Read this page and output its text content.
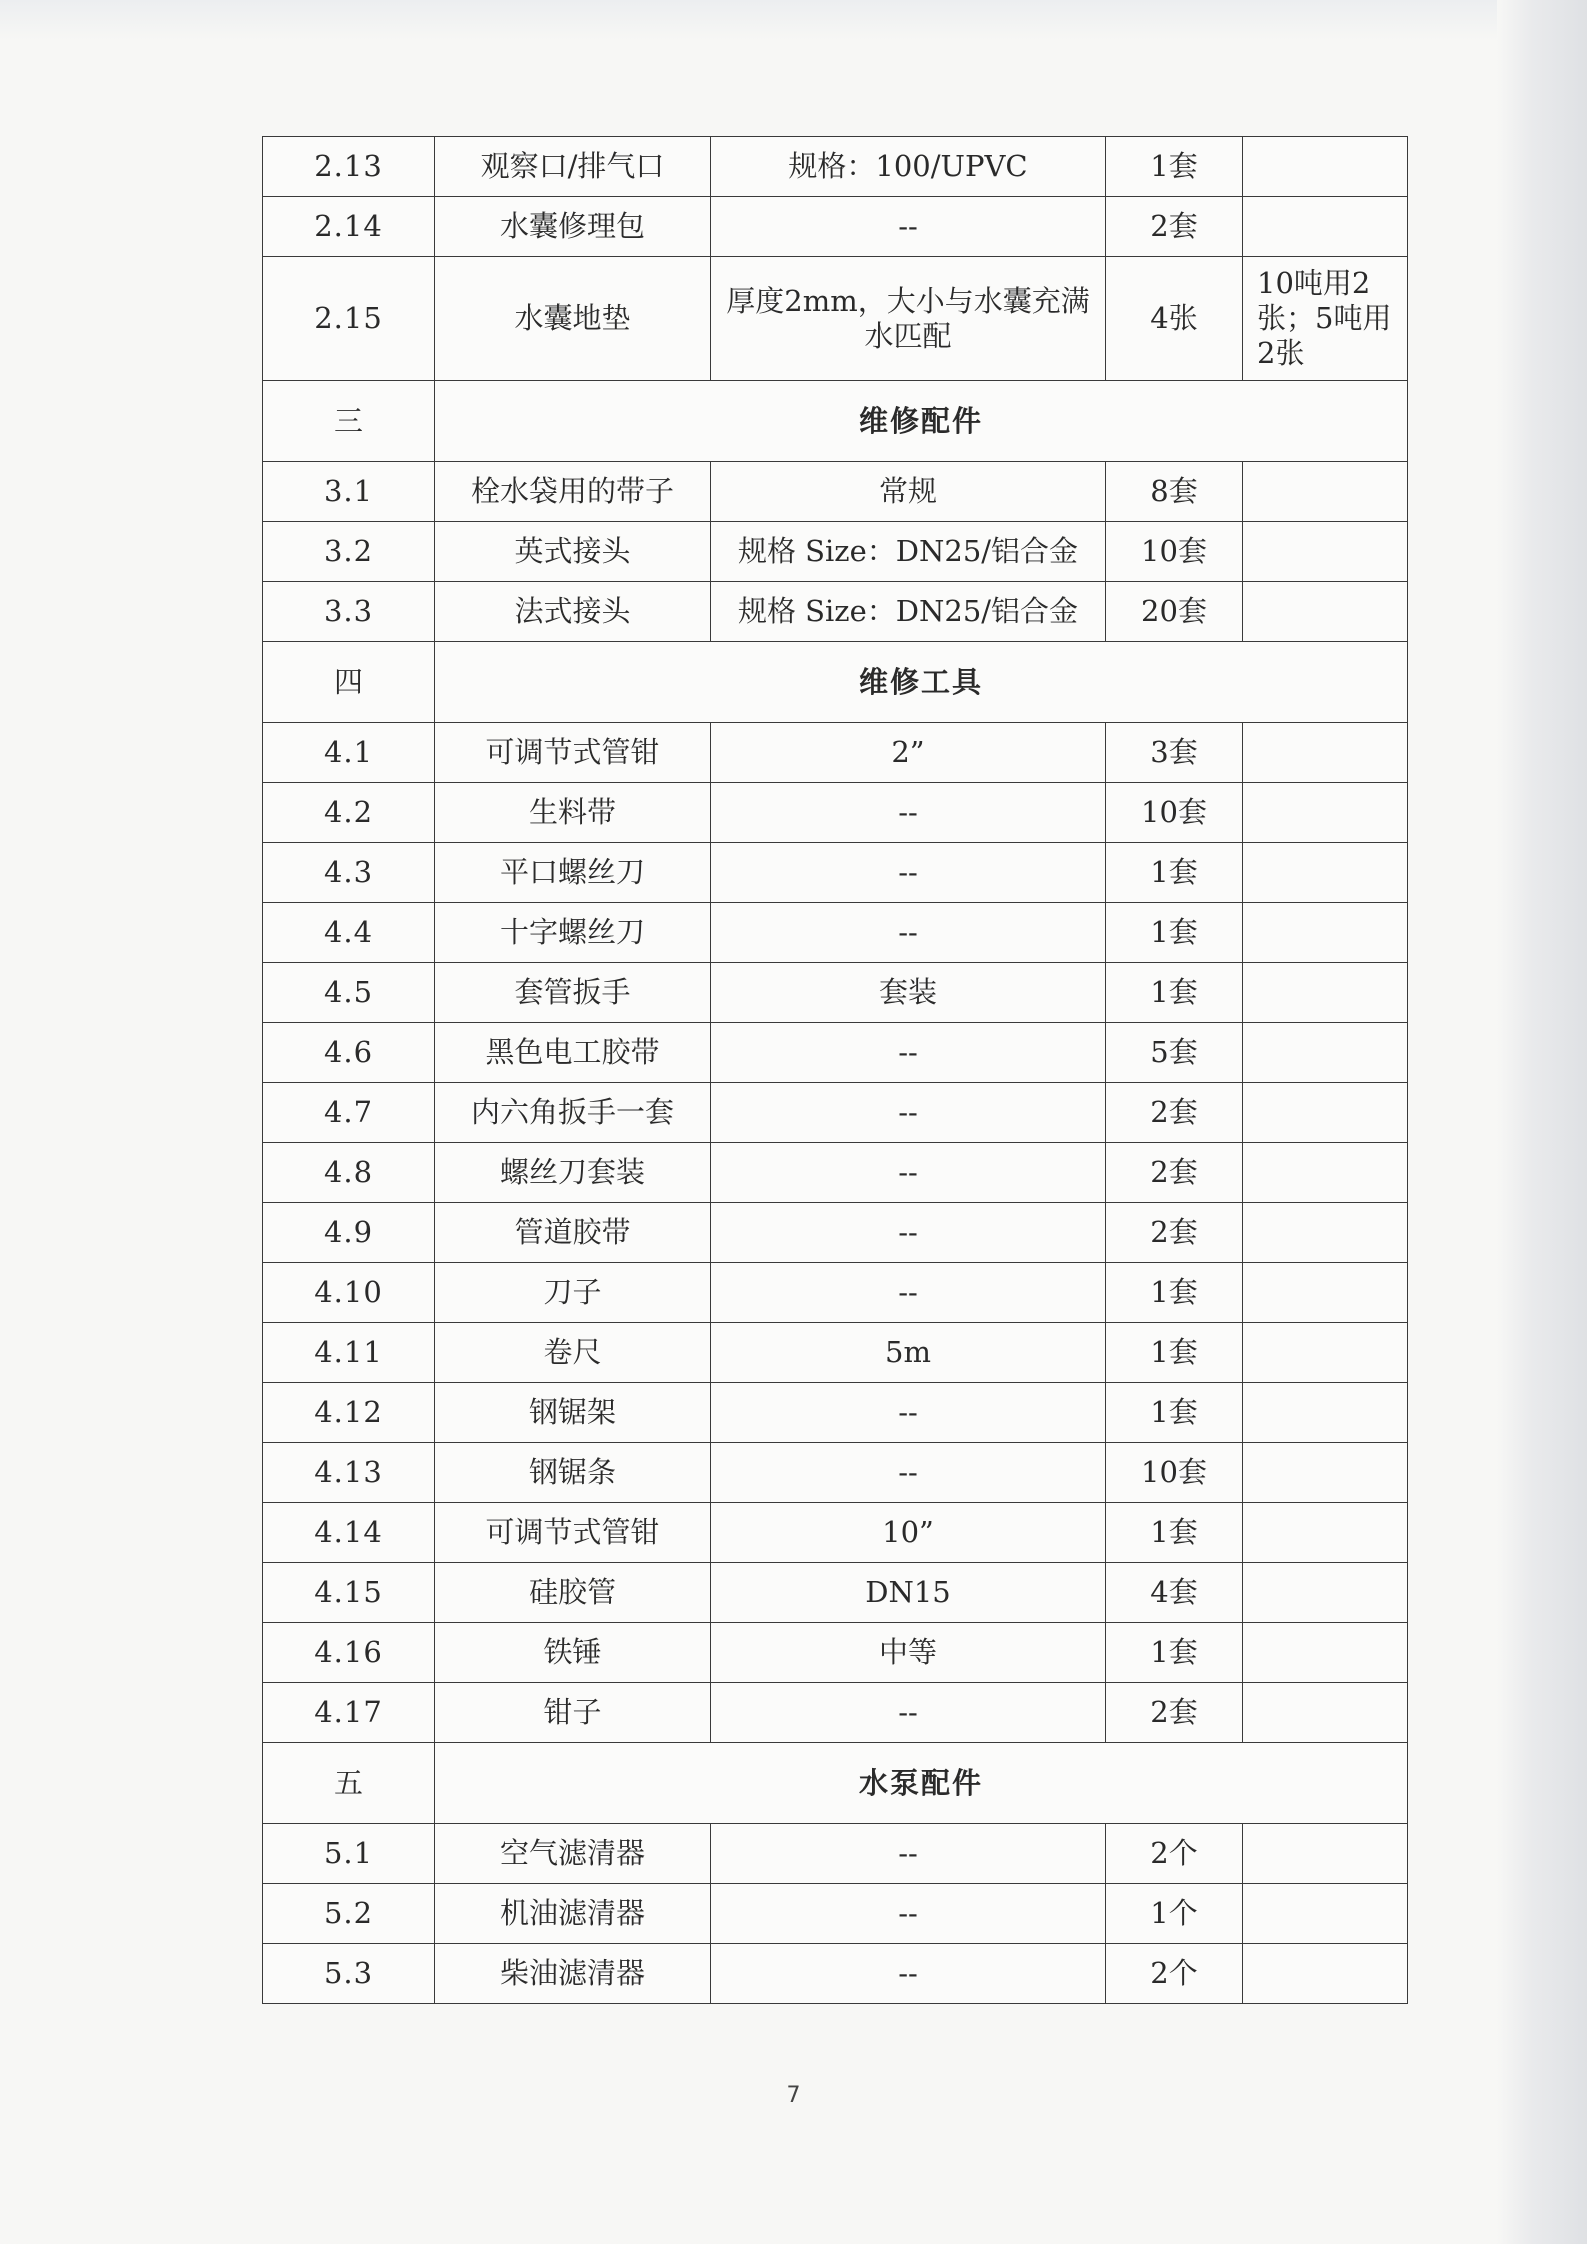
2.13	观察口/排气口	规格：100/UPVC	1套	
2.14	水囊修理包	--	2套	
2.15	水囊地垫	厚度2mm，大小与水囊充满水匹配	4张	10吨用2张；5吨用2张
三	维修配件			
3.1	栓水袋用的带子	常规	8套	
3.2	英式接头	规格 Size：DN25/铝合金	10套	
3.3	法式接头	规格 Size：DN25/铝合金	20套	
四	维修工具			
4.1	可调节式管钳	2”	3套	
4.2	生料带	--	10套	
4.3	平口螺丝刀	--	1套	
4.4	十字螺丝刀	--	1套	
4.5	套管扳手	套装	1套	
4.6	黑色电工胶带	--	5套	
4.7	内六角扳手一套	--	2套	
4.8	螺丝刀套装	--	2套	
4.9	管道胶带	--	2套	
4.10	刀子	--	1套	
4.11	卷尺	5m	1套	
4.12	钢锯架	--	1套	
4.13	钢锯条	--	10套	
4.14	可调节式管钳	10”	1套	
4.15	硅胶管	DN15	4套	
4.16	铁锤	中等	1套	
4.17	钳子	--	2套	
五	水泵配件			
5.1	空气滤清器	--	2个	
5.2	机油滤清器	--	1个	
5.3	柴油滤清器	--	2个	
7
